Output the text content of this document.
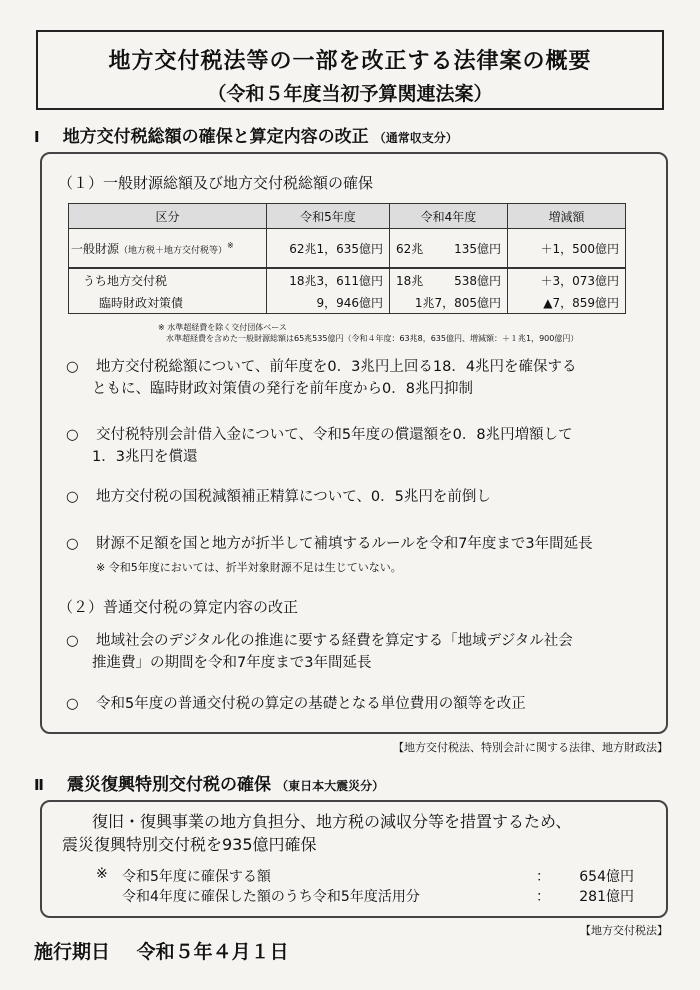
地方交付税法等の一部を改正する法律案の概要
（令和５年度当初予算関連法案）
Ⅰ 地方交付税総額の確保と算定内容の改正 （通常収支分）
（１）一般財源総額及び地方交付税総額の確保
区分	令和5年度	令和4年度	増減額
一般財源（地方税＋地方交付税等）※	62兆1，635億円	62兆 135億円	＋1，500億円
うち地方交付税	18兆3，611億円	18兆 538億円	＋3，073億円
臨時財政対策債	9，946億円	1兆7，805億円	▲7，859億円
※ 水準超経費を除く交付団体ベース
水準超経費を含めた一般財源総額は65兆535億円（令和４年度：63兆8，635億円、増減額：＋１兆1，900億円）
○ 地方交付税総額について、前年度を0．3兆円上回る18．4兆円を確保する
ともに、臨時財政対策債の発行を前年度から0．8兆円抑制
○ 交付税特別会計借入金について、令和5年度の償還額を0．8兆円増額して
1．3兆円を償還
○ 地方交付税の国税減額補正精算について、0．5兆円を前倒し
○ 財源不足額を国と地方が折半して補填するルールを令和7年度まで3年間延長
※ 令和5年度においては、折半対象財源不足は生じていない。
（２）普通交付税の算定内容の改正
○ 地域社会のデジタル化の推進に要する経費を算定する「地域デジタル社会
推進費」の期間を令和7年度まで3年間延長
○ 令和5年度の普通交付税の算定の基礎となる単位費用の額等を改正
【地方交付税法、特別会計に関する法律、地方財政法】
Ⅱ 震災復興特別交付税の確保 （東日本大震災分）
復旧・復興事業の地方負担分、地方税の減収分等を措置するため、
震災復興特別交付税を935億円確保
※ 令和5年度に確保する額	： 654億円
令和4年度に確保した額のうち令和5年度活用分	： 281億円
【地方交付税法】
施行期日 令和５年４月１日
